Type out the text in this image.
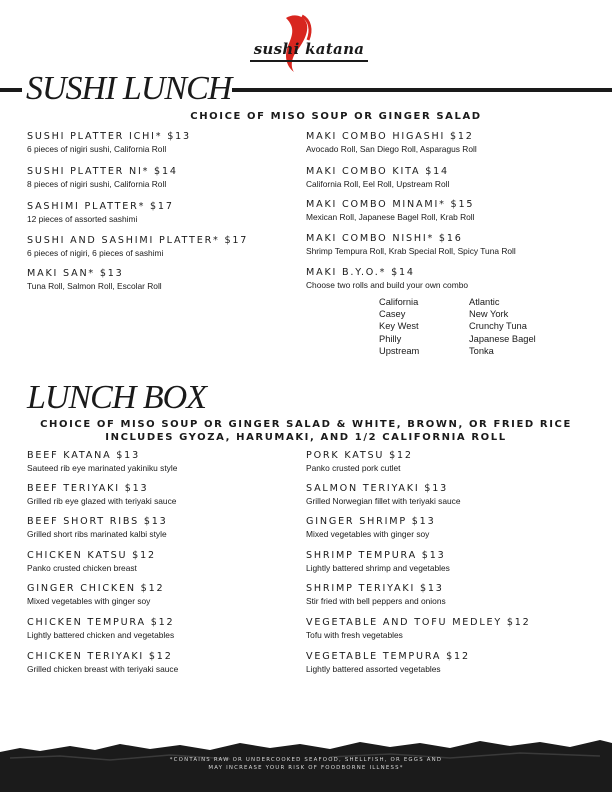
sushi katana
SUSHI LUNCH
CHOICE OF MISO SOUP OR GINGER SALAD
SUSHI PLATTER ICHI* $13
6 pieces of nigiri sushi, California Roll
SUSHI PLATTER NI* $14
8 pieces of nigiri sushi, California Roll
SASHIMI PLATTER* $17
12 pieces of assorted sashimi
SUSHI AND SASHIMI PLATTER* $17
6 pieces of nigiri, 6 pieces of sashimi
MAKI SAN* $13
Tuna Roll, Salmon Roll, Escolar Roll
MAKI COMBO HIGASHI $12
Avocado Roll, San Diego Roll, Asparagus Roll
MAKI COMBO KITA $14
California Roll, Eel Roll, Upstream Roll
MAKI COMBO MINAMI* $15
Mexican Roll, Japanese Bagel Roll, Krab Roll
MAKI COMBO NISHI* $16
Shrimp Tempura Roll, Krab Special Roll, Spicy Tuna Roll
MAKI B.Y.O.* $14
Choose two rolls and build your own combo
California
Casey
Key West
Philly
Upstream
Atlantic
New York
Crunchy Tuna
Japanese Bagel
Tonka
LUNCH BOX
CHOICE OF MISO SOUP OR GINGER SALAD & WHITE, BROWN, OR FRIED RICE
INCLUDES GYOZA, HARUMAKI, AND 1/2 CALIFORNIA ROLL
BEEF KATANA $13
Sauteed rib eye marinated yakiniku style
BEEF TERIYAKI $13
Grilled rib eye glazed with teriyaki sauce
BEEF SHORT RIBS $13
Grilled short ribs marinated kalbi style
CHICKEN KATSU $12
Panko crusted chicken breast
GINGER CHICKEN $12
Mixed vegetables with ginger soy
CHICKEN TEMPURA $12
Lightly battered chicken and vegetables
CHICKEN TERIYAKI $12
Grilled chicken breast with teriyaki sauce
PORK KATSU $12
Panko crusted pork cutlet
SALMON TERIYAKI $13
Grilled Norwegian fillet with teriyaki sauce
GINGER SHRIMP $13
Mixed vegetables with ginger soy
SHRIMP TEMPURA $13
Lightly battered shrimp and vegetables
SHRIMP TERIYAKI $13
Stir fried with bell peppers and onions
VEGETABLE AND TOFU MEDLEY $12
Tofu with fresh vegetables
VEGETABLE TEMPURA $12
Lightly battered assorted vegetables
*CONTAINS RAW OR UNDERCOOKED SEAFOOD, SHELLFISH, OR EGGS AND
MAY INCREASE YOUR RISK OF FOODBORNE ILLNESS*
